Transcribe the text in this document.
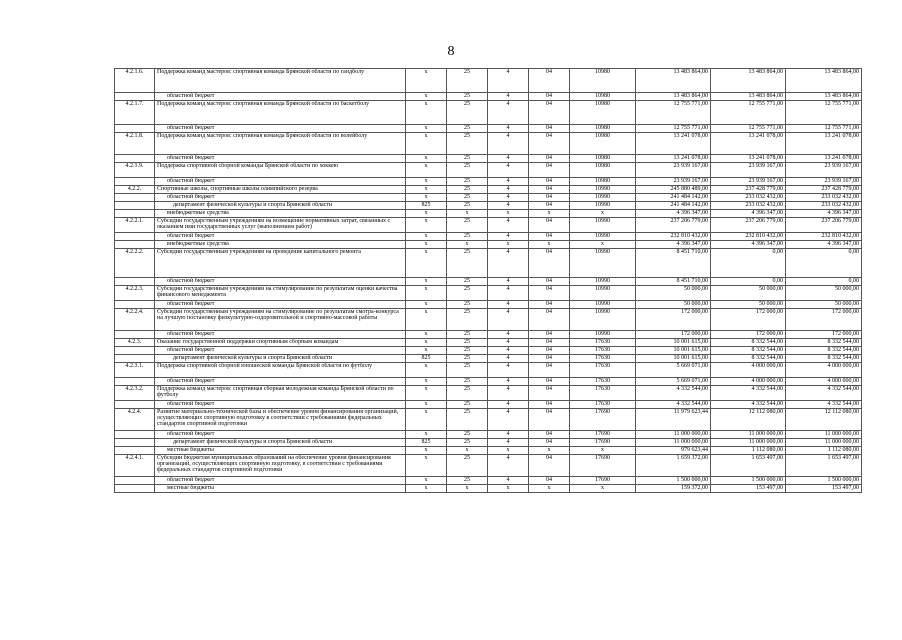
8
4.2.1.6.	Поддержка команд мастеров: спортивная команда Брянской области по гандболу	x	25	4	04	10980	13 483 864,00	13 483 864,00	13 483 864,00
	областной бюджет	x	25	4	04	10980	13 483 864,00	13 483 864,00	13 483 864,00
4.2.1.7.	Поддержка команд мастеров: спортивная команда Брянской области по баскетболу	x	25	4	04	10980	12 755 771,00	12 755 771,00	12 755 771,00
	областной бюджет	x	25	4	04	10980	12 755 771,00	12 755 771,00	12 755 771,00
4.2.1.8.	Поддержка команд мастеров: спортивная команда Брянской области по волейболу	x	25	4	04	10980	13 241 078,00	13 241 078,00	13 241 078,00
	областной бюджет	x	25	4	04	10980	13 241 078,00	13 241 078,00	13 241 078,00
4.2.1.9.	Поддержка спортивной сборной команды Брянской области по хоккею	x	25	4	04	10980	23 939 167,00	23 939 167,00	23 939 167,00
	областной бюджет	x	25	4	04	10980	23 939 167,00	23 939 167,00	23 939 167,00
4.2.2.	Спортивные школы, спортивные школы олимпийского резерва	x	25	4	04	10990	245 880 489,00	237 428 779,00	237 428 779,00
	областной бюджет	x	25	4	04	10990	241 484 142,00	233 032 432,00	233 032 432,00
	департамент физической культуры и спорта Брянской области	825	25	4	04	10990	241 484 142,00	233 032 432,00	233 032 432,00
	внебюджетные средства	x	x	x	x	x	4 396 347,00	4 396 347,00	4 396 347,00
4.2.2.1.	Субсидии государственным учреждениям на возмещение нормативных затрат, связанных с оказанием ими государственных услуг (выполнением работ)	x	25	4	04	10990	237 206 779,00	237 206 779,00	237 206 779,00
	областной бюджет	x	25	4	04	10990	232 810 432,00	232 810 432,00	232 810 432,00
	внебюджетные средства	x	x	x	x	x	4 396 347,00	4 396 347,00	4 396 347,00
4.2.2.2.	Субсидии государственным учреждениям на проведение капитального ремонта	x	25	4	04	10990	8 451 710,00	0,00	0,00
	областной бюджет	x	25	4	04	10990	8 451 710,00	0,00	0,00
4.2.2.3.	Субсидии государственным учреждениям на стимулирование по результатам оценки качества финансового менеджмента	x	25	4	04	10990	50 000,00	50 000,00	50 000,00
	областной бюджет	x	25	4	04	10990	50 000,00	50 000,00	50 000,00
4.2.2.4.	Субсидии государственным учреждениям на стимулирование по результатам смотра-конкурса на лучшую постановку физкультурно-оздоровительной и спортивно-массовой работы	x	25	4	04	10990	172 000,00	172 000,00	172 000,00
	областной бюджет	x	25	4	04	10990	172 000,00	172 000,00	172 000,00
4.2.3.	Оказание государственной поддержки спортивным сборным командам	x	25	4	04	17630	10 001 615,00	8 332 544,00	8 332 544,00
	областной бюджет	x	25	4	04	17630	10 001 615,00	8 332 544,00	8 332 544,00
	департамент физической культуры и спорта Брянской области	825	25	4	04	17630	10 001 615,00	8 332 544,00	8 332 544,00
4.2.3.1.	Поддержка спортивной сборной юношеской команды Брянской области по футболу	x	25	4	04	17630	5 669 071,00	4 000 000,00	4 000 000,00
	областной бюджет	x	25	4	04	17630	5 669 071,00	4 000 000,00	4 000 000,00
4.2.3.2.	Поддержка команд мастеров: спортивная сборная молодежная команда Брянской области по футболу	x	25	4	04	17630	4 332 544,00	4 332 544,00	4 332 544,00
	областной бюджет	x	25	4	04	17630	4 332 544,00	4 332 544,00	4 332 544,00
4.2.4.	Развитие материально-технической базы и обеспечение уровня финансирования организаций, осуществляющих спортивную подготовку в соответствии с требованиями федеральных стандартов спортивной подготовки	x	25	4	04	17690	11 979 623,44	12 112 080,00	12 112 080,00
	областной бюджет	x	25	4	04	17690	11 000 000,00	11 000 000,00	11 000 000,00
	департамент физической культуры и спорта Брянской области	825	25	4	04	17690	11 000 000,00	11 000 000,00	11 000 000,00
	местные бюджеты	x	x	x	x	x	979 623,44	1 112 080,00	1 112 080,00
4.2.4.1.	Субсидии бюджетам муниципальных образований на обеспечение уровня финансирования организаций, осуществляющих спортивную подготовку, в соответствии с требованиями федеральных стандартов спортивной подготовки	x	25	4	04	17690	1 659 372,00	1 653 497,00	1 653 497,00
	областной бюджет	x	25	4	04	17690	1 500 000,00	1 500 000,00	1 500 000,00
	местные бюджеты	x	x	x	x	x	159 372,00	153 497,00	153 497,00
